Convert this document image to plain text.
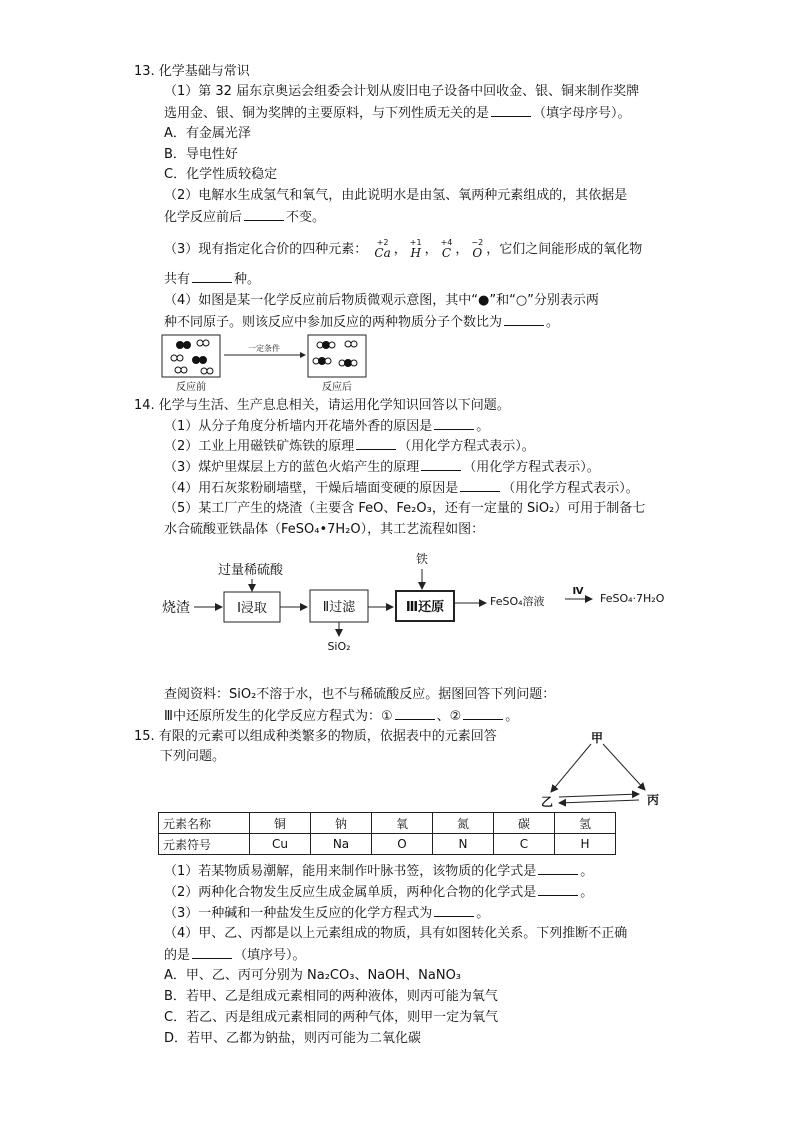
13. 化学基础与常识
（1）第 32 届东京奥运会组委会计划从废旧电子设备中回收金、银、铜来制作奖牌
选用金、银、铜为奖牌的主要原料，与下列性质无关的是	（填字母序号）。
A．有金属光泽
B．导电性好
C．化学性质较稳定
（2）电解水生成氢气和氧气，由此说明水是由氢、氧两种元素组成的，其依据是
化学反应前后	不变。
（3）现有指定化合价的四种元素： +2
Ca ， +1
H ， +4
C ， −2
O ，它们之间能形成的氧化物
共有	种。
（4）如图是某一化学反应前后物质微观示意图，其中“●”和“○”分别表示两
种不同原子。则该反应中参加反应的两种物质分子个数比为	。
一定条件
反应前	反应后
14. 化学与生活、生产息息相关，请运用化学知识回答以下问题。
（1）从分子角度分析墙内开花墙外香的原因是	。
（2）工业上用磁铁矿炼铁的原理	（用化学方程式表示）。
（3）煤炉里煤层上方的蓝色火焰产生的原理	（用化学方程式表示）。
（4）用石灰浆粉刷墙壁，干燥后墙面变硬的原因是	（用化学方程式表示）。
（5）某工厂产生的烧渣（主要含 FeO、Fe₂O₃，还有一定量的 SiO₂）可用于制备七
水合硫酸亚铁晶体（FeSO₄•7H₂O），其工艺流程如图：
烧渣
过量稀硫酸
Ⅰ浸取	Ⅱ过滤
SiO₂
铁
Ⅲ还原	FeSO₄溶液
Ⅳ
FeSO₄·7H₂O
查阅资料：SiO₂不溶于水，也不与稀硫酸反应。据图回答下列问题：
Ⅲ中还原所发生的化学反应方程式为：①	、②	。
15. 有限的元素可以组成种类繁多的物质，依据表中的元素回答
下列问题。
甲
乙	丙
元素名称	铜	钠	氧	氮	碳	氢
元素符号	Cu	Na	O	N	C	H
（1）若某物质易潮解，能用来制作叶脉书签，该物质的化学式是	。
（2）两种化合物发生反应生成金属单质，两种化合物的化学式是	。
（3）一种碱和一种盐发生反应的化学方程式为	。
（4）甲、乙、丙都是以上元素组成的物质，具有如图转化关系。下列推断不正确
的是	（填序号）。
A．甲、乙、丙可分别为 Na₂CO₃、NaOH、NaNO₃
B．若甲、乙是组成元素相同的两种液体，则丙可能为氧气
C．若乙、丙是组成元素相同的两种气体，则甲一定为氧气
D．若甲、乙都为钠盐，则丙可能为二氧化碳
